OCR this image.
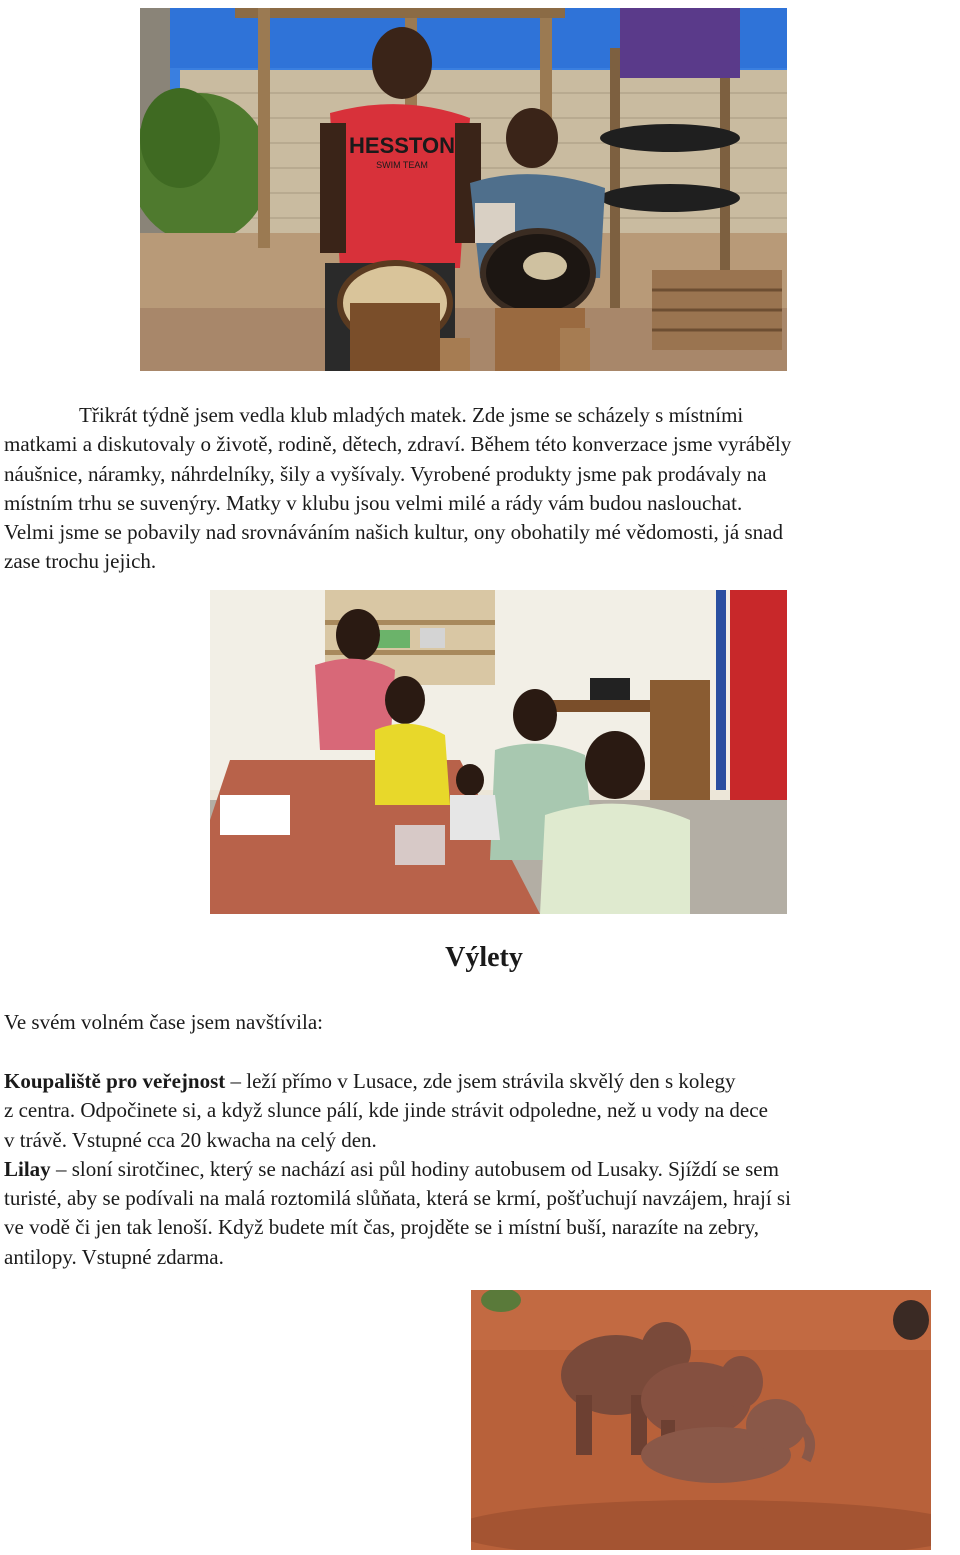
HESSTON
SWIM TEAM

Třikrát týdně jsem vedla klub mladých matek. Zde jsme se scházely s místními
matkami a diskutovaly o životě, rodině, dětech, zdraví. Během této konverzace jsme vyráběly
náušnice, náramky, náhrdelníky, šily a vyšívaly. Vyrobené produkty jsme pak prodávaly na
místním trhu se suvenýry. Matky v klubu jsou velmi milé a rády vám budou naslouchat.
Velmi jsme se pobavily nad srovnáváním našich kultur, ony obohatily mé vědomosti, já snad
zase trochu jejich.

Výlety

Ve svém volném čase jsem navštívila:

Koupaliště pro veřejnost – leží přímo v Lusace, zde jsem strávila skvělý den s kolegy
z centra. Odpočinete si, a když slunce pálí, kde jinde strávit odpoledne, než u vody na dece
v trávě. Vstupné cca 20 kwacha na celý den.
Lilay – sloní sirotčinec, který se nachází asi půl hodiny autobusem od Lusaky. Sjíždí se sem
turisté, aby se podívali na malá roztomilá slůňata, která se krmí, pošťuchují navzájem, hrají si
ve vodě či jen tak lenoší. Když budete mít čas, projděte se i místní buší, narazíte na zebry,
antilopy. Vstupné zdarma.
